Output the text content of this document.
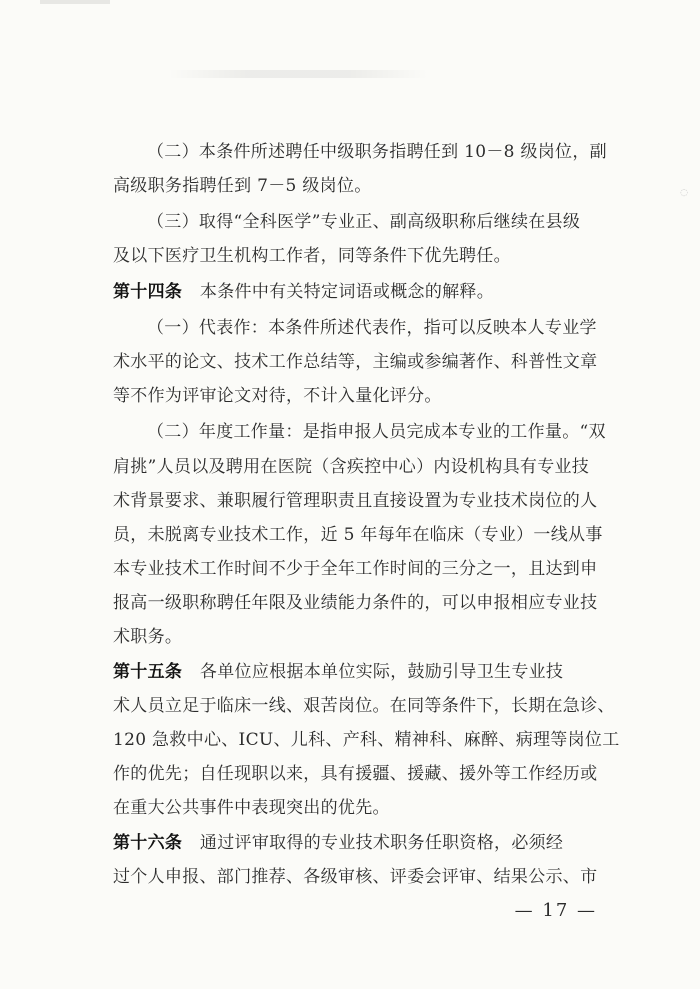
◌
（二）本条件所述聘任中级职务指聘任到 10－8 级岗位，副
高级职务指聘任到 7－5 级岗位。
（三）取得“全科医学”专业正、副高级职称后继续在县级
及以下医疗卫生机构工作者，同等条件下优先聘任。
第十四条 本条件中有关特定词语或概念的解释。
（一）代表作：本条件所述代表作，指可以反映本人专业学
术水平的论文、技术工作总结等，主编或参编著作、科普性文章
等不作为评审论文对待，不计入量化评分。
（二）年度工作量：是指申报人员完成本专业的工作量。“双
肩挑”人员以及聘用在医院（含疾控中心）内设机构具有专业技
术背景要求、兼职履行管理职责且直接设置为专业技术岗位的人
员，未脱离专业技术工作，近 5 年每年在临床（专业）一线从事
本专业技术工作时间不少于全年工作时间的三分之一，且达到申
报高一级职称聘任年限及业绩能力条件的，可以申报相应专业技
术职务。
第十五条 各单位应根据本单位实际，鼓励引导卫生专业技
术人员立足于临床一线、艰苦岗位。在同等条件下，长期在急诊、
120 急救中心、ICU、儿科、产科、精神科、麻醉、病理等岗位工
作的优先；自任现职以来，具有援疆、援藏、援外等工作经历或
在重大公共事件中表现突出的优先。
第十六条 通过评审取得的专业技术职务任职资格，必须经
过个人申报、部门推荐、各级审核、评委会评审、结果公示、市
— 17 —
